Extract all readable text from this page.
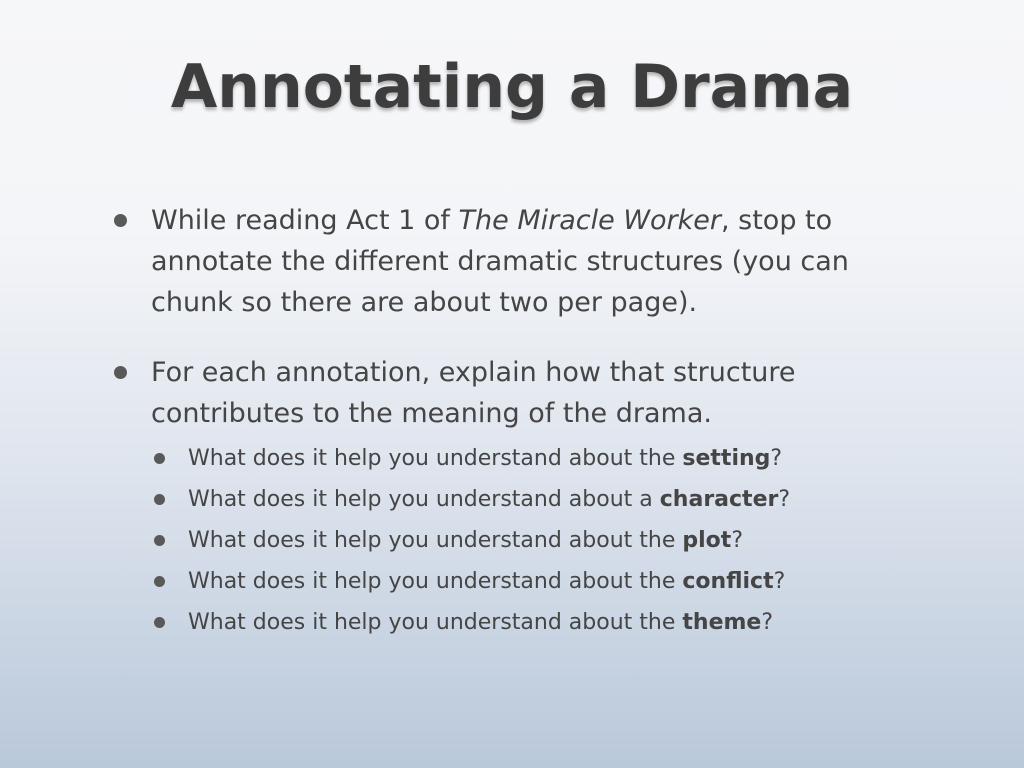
Annotating a Drama
While reading Act 1 of The Miracle Worker, stop to annotate the different dramatic structures (you can chunk so there are about two per page).
For each annotation, explain how that structure contributes to the meaning of the drama.
What does it help you understand about the setting?
What does it help you understand about a character?
What does it help you understand about the plot?
What does it help you understand about the conflict?
What does it help you understand about the theme?
